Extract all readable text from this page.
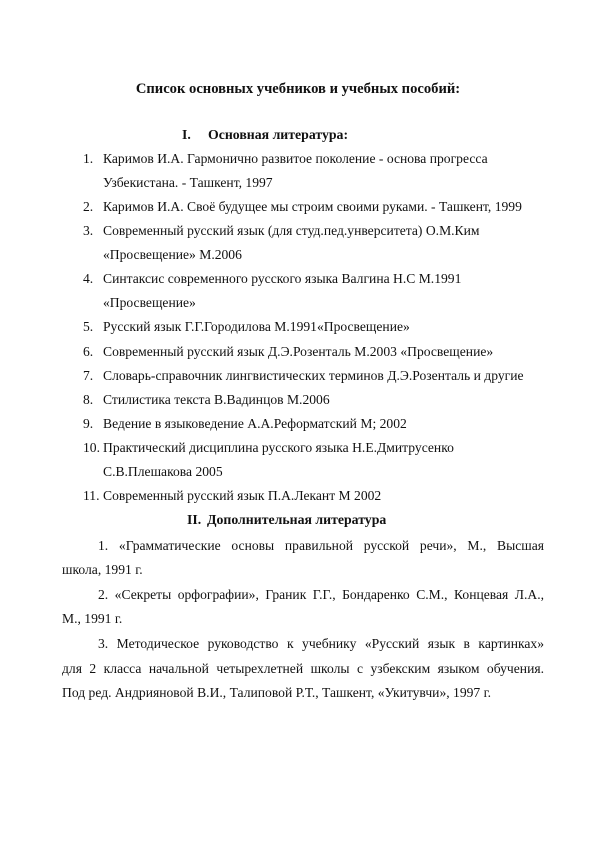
Список основных учебников и учебных пособий:
I. Основная литература:
1. Каримов И.А. Гармонично развитое поколение - основа прогресса
Узбекистана. - Ташкент, 1997
2. Каримов И.А. Своё будущее мы строим своими руками. - Ташкент, 1999
3. Современный русский язык (для студ.пед.унверситета) О.М.Ким
«Просвещение» М.2006
4. Синтаксис современного русского языка Валгина Н.С М.1991
«Просвещение»
5. Русский язык Г.Г.Городилова М.1991«Просвещение»
6. Современный русский язык Д.Э.Розенталь М.2003 «Просвещение»
7. Словарь-справочник лингвистических терминов Д.Э.Розенталь и другие
8. Стилистика текста В.Вадинцов М.2006
9. Ведение в языковедение А.А.Реформатский М; 2002
10. Практический дисциплина русского языка Н.Е.Дмитрусенко
С.В.Плешакова 2005
11. Современный русский язык П.А.Лекант М 2002
II. Дополнительная литература
1. «Грамматические основы правильной русской речи», М., Высшая
школа, 1991 г.
2. «Секреты орфографии», Граник Г.Г., Бондаренко С.М., Концевая Л.А.,
М., 1991 г.
3. Методическое руководство к учебнику «Русский язык в картинках»
для 2 класса начальной четырехлетней школы с узбекским языком обучения.
Под ред. Андрияновой В.И., Талиповой Р.Т., Ташкент, «Укитувчи», 1997 г.
